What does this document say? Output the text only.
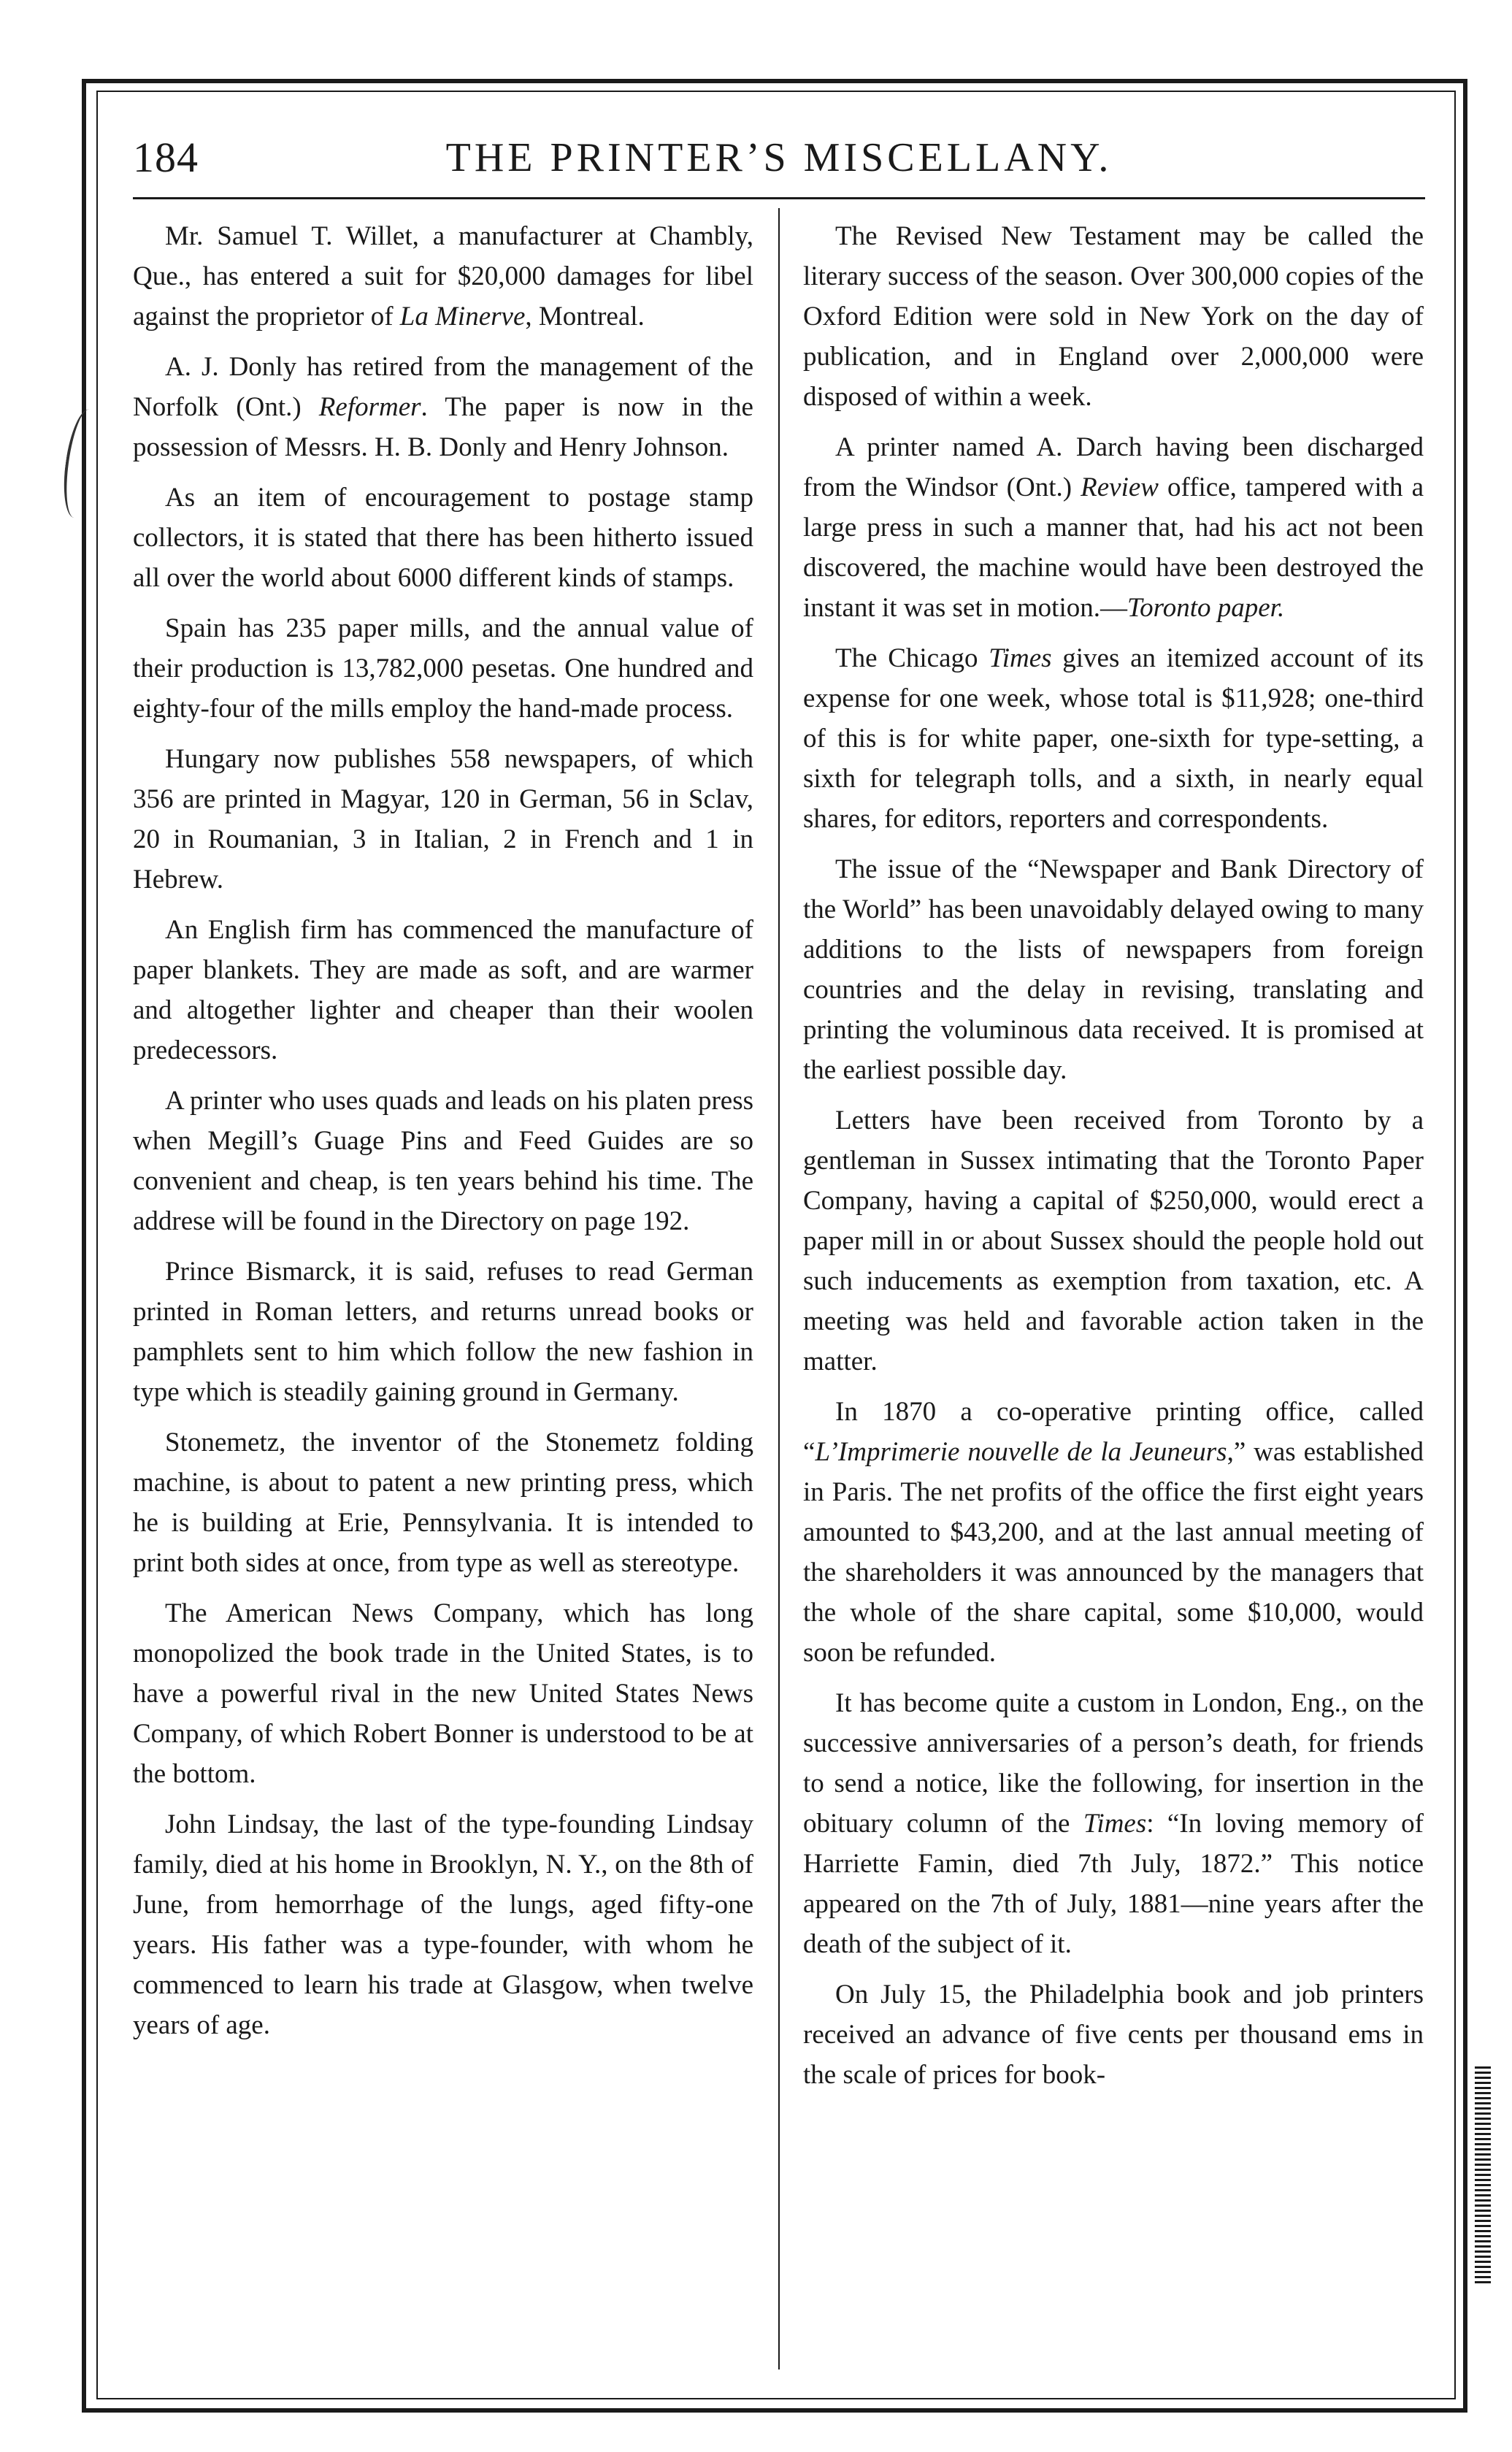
184	THE PRINTER’S MISCELLANY.

Mr. Samuel T. Willet, a manufacturer at Chambly, Que., has entered a suit for $20,000 damages for libel against the proprietor of La Minerve, Montreal.

A. J. Donly has retired from the management of the Norfolk (Ont.) Reformer. The paper is now in the possession of Messrs. H. B. Donly and Henry Johnson.

As an item of encouragement to postage stamp collectors, it is stated that there has been hitherto issued all over the world about 6000 different kinds of stamps.

Spain has 235 paper mills, and the annual value of their production is 13,782,000 pesetas. One hundred and eighty-four of the mills employ the hand-made process.

Hungary now publishes 558 newspapers, of which 356 are printed in Magyar, 120 in German, 56 in Sclav, 20 in Roumanian, 3 in Italian, 2 in French and 1 in Hebrew.

An English firm has commenced the manufacture of paper blankets. They are made as soft, and are warmer and altogether lighter and cheaper than their woolen predecessors.

A printer who uses quads and leads on his platen press when Megill’s Guage Pins and Feed Guides are so convenient and cheap, is ten years behind his time. The addrese will be found in the Directory on page 192.

Prince Bismarck, it is said, refuses to read German printed in Roman letters, and returns unread books or pamphlets sent to him which follow the new fashion in type which is steadily gaining ground in Germany.

Stonemetz, the inventor of the Stonemetz folding machine, is about to patent a new printing press, which he is building at Erie, Pennsylvania. It is intended to print both sides at once, from type as well as stereotype.

The American News Company, which has long monopolized the book trade in the United States, is to have a powerful rival in the new United States News Company, of which Robert Bonner is understood to be at the bottom.

John Lindsay, the last of the type-founding Lindsay family, died at his home in Brooklyn, N. Y., on the 8th of June, from hemorrhage of the lungs, aged fifty-one years. His father was a type-founder, with whom he commenced to learn his trade at Glasgow, when twelve years of age.

The Revised New Testament may be called the literary success of the season. Over 300,000 copies of the Oxford Edition were sold in New York on the day of publication, and in England over 2,000,000 were disposed of within a week.

A printer named A. Darch having been discharged from the Windsor (Ont.) Review office, tampered with a large press in such a manner that, had his act not been discovered, the machine would have been destroyed the instant it was set in motion.—Toronto paper.

The Chicago Times gives an itemized account of its expense for one week, whose total is $11,928; one-third of this is for white paper, one-sixth for type-setting, a sixth for telegraph tolls, and a sixth, in nearly equal shares, for editors, reporters and correspondents.

The issue of the “Newspaper and Bank Directory of the World” has been unavoidably delayed owing to many additions to the lists of newspapers from foreign countries and the delay in revising, translating and printing the voluminous data received. It is promised at the earliest possible day.

Letters have been received from Toronto by a gentleman in Sussex intimating that the Toronto Paper Company, having a capital of $250,000, would erect a paper mill in or about Sussex should the people hold out such inducements as exemption from taxation, etc. A meeting was held and favorable action taken in the matter.

In 1870 a co-operative printing office, called “L’Imprimerie nouvelle de la Jeuneurs,” was established in Paris. The net profits of the office the first eight years amounted to $43,200, and at the last annual meeting of the shareholders it was announced by the managers that the whole of the share capital, some $10,000, would soon be refunded.

It has become quite a custom in London, Eng., on the successive anniversaries of a person’s death, for friends to send a notice, like the following, for insertion in the obituary column of the Times: “In loving memory of Harriette Famin, died 7th July, 1872.” This notice appeared on the 7th of July, 1881—nine years after the death of the subject of it.

On July 15, the Philadelphia book and job printers received an advance of five cents per thousand ems in the scale of prices for book-
